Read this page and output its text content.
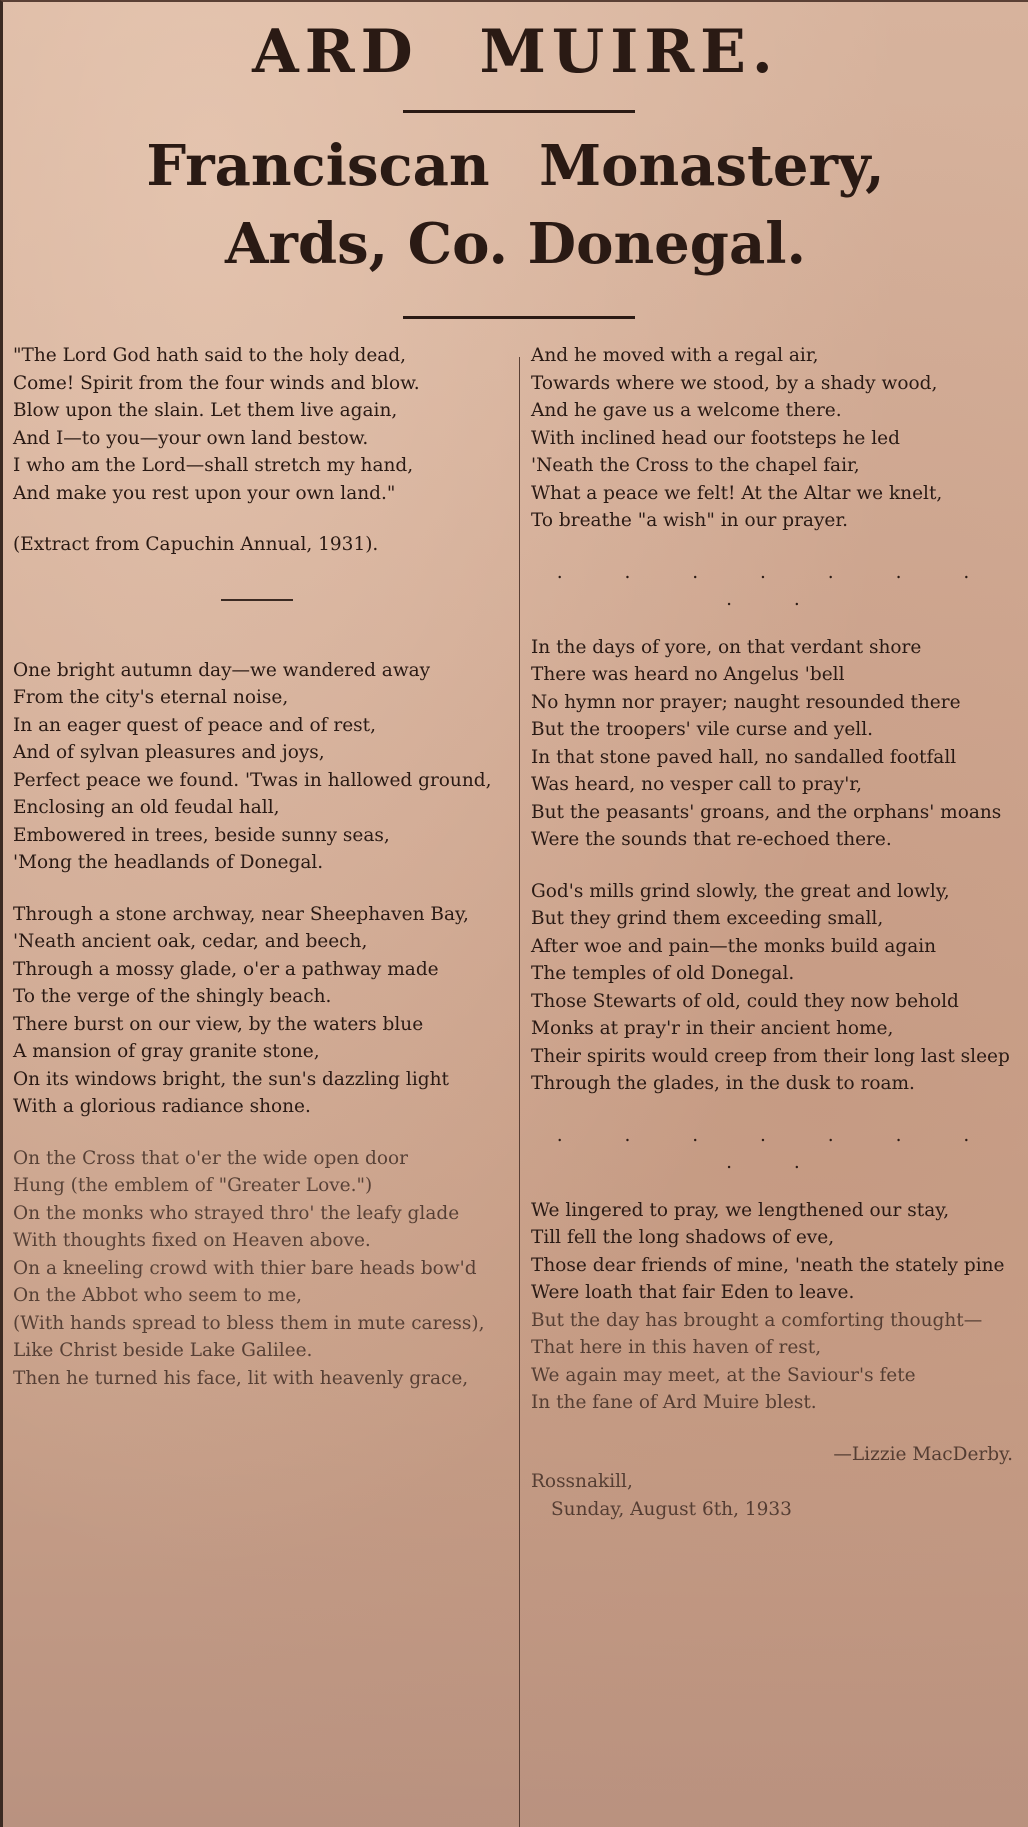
ARD MUIRE.
Franciscan Monastery,
Ards, Co. Donegal.
"The Lord God hath said to the holy dead,
Come! Spirit from the four winds and blow.
Blow upon the slain. Let them live again,
And I—to you—your own land bestow.
I who am the Lord—shall stretch my hand,
And make you rest upon your own land."
(Extract from Capuchin Annual, 1931).
One bright autumn day—we wandered away
From the city's eternal noise,
In an eager quest of peace and of rest,
And of sylvan pleasures and joys,
Perfect peace we found. 'Twas in hallowed ground,
Enclosing an old feudal hall,
Embowered in trees, beside sunny seas,
'Mong the headlands of Donegal.
Through a stone archway, near Sheephaven Bay,
'Neath ancient oak, cedar, and beech,
Through a mossy glade, o'er a pathway made
To the verge of the shingly beach.
There burst on our view, by the waters blue
A mansion of gray granite stone,
On its windows bright, the sun's dazzling light
With a glorious radiance shone.
On the Cross that o'er the wide open door
Hung (the emblem of "Greater Love.")
On the monks who strayed thro' the leafy glade
With thoughts fixed on Heaven above.
On a kneeling crowd with thier bare heads bow'd
On the Abbot who seem to me,
(With hands spread to bless them in mute caress),
Like Christ beside Lake Galilee.
Then he turned his face, lit with heavenly grace,
And he moved with a regal air,
Towards where we stood, by a shady wood,
And he gave us a welcome there.
With inclined head our footsteps he led
'Neath the Cross to the chapel fair,
What a peace we felt! At the Altar we knelt,
To breathe "a wish" in our prayer.
. . . . . . . . .
In the days of yore, on that verdant shore
There was heard no Angelus 'bell
No hymn nor prayer; naught resounded there
But the troopers' vile curse and yell.
In that stone paved hall, no sandalled footfall
Was heard, no vesper call to pray'r,
But the peasants' groans, and the orphans' moans
Were the sounds that re-echoed there.
God's mills grind slowly, the great and lowly,
But they grind them exceeding small,
After woe and pain—the monks build again
The temples of old Donegal.
Those Stewarts of old, could they now behold
Monks at pray'r in their ancient home,
Their spirits would creep from their long last sleep
Through the glades, in the dusk to roam.
. . . . . . . . .
We lingered to pray, we lengthened our stay,
Till fell the long shadows of eve,
Those dear friends of mine, 'neath the stately pine
Were loath that fair Eden to leave.
But the day has brought a comforting thought—
That here in this haven of rest,
We again may meet, at the Saviour's fete
In the fane of Ard Muire blest.
—Lizzie MacDerby.
Rossnakill,
Sunday, August 6th, 1933
